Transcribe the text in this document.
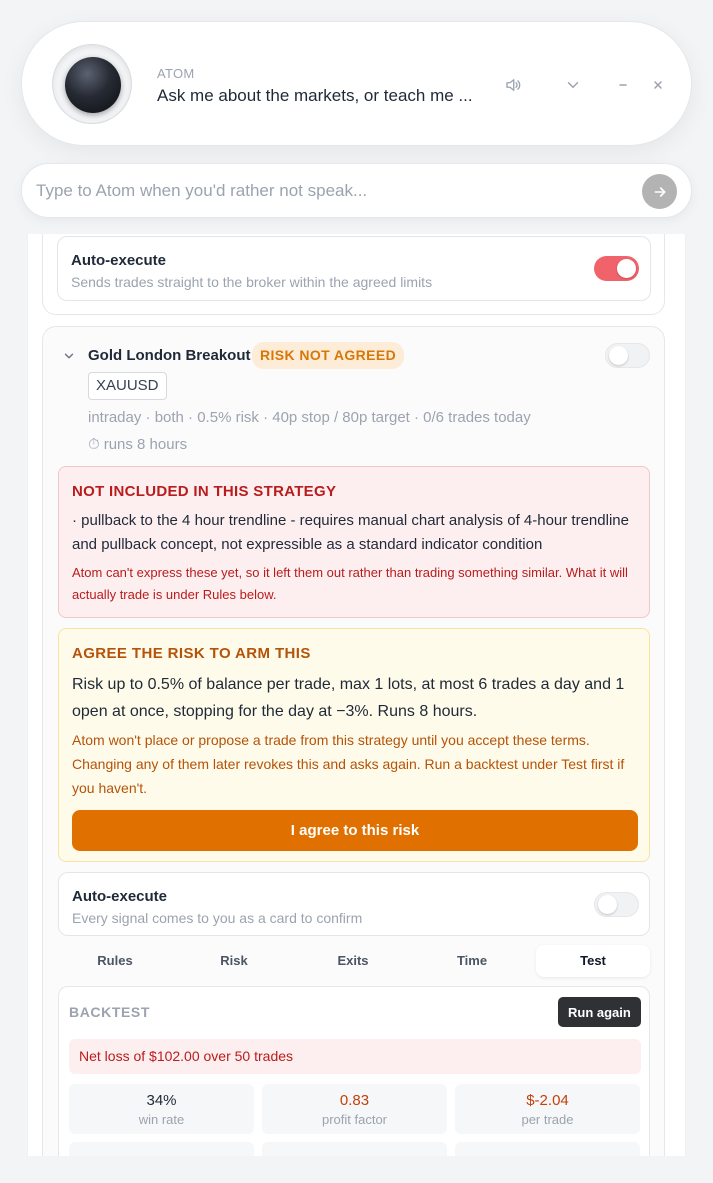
ATOM
Ask me about the markets, or teach me ...
Type to Atom when you'd rather not speak...
Auto-execute
Sends trades straight to the broker within the agreed limits
Gold London Breakout RISK NOT AGREED
XAUUSD
intraday · both · 0.5% risk · 40p stop / 80p target · 0/6 trades today
⏱ runs 8 hours
NOT INCLUDED IN THIS STRATEGY
· pullback to the 4 hour trendline - requires manual chart analysis of 4-hour trendline and pullback concept, not expressible as a standard indicator condition
Atom can't express these yet, so it left them out rather than trading something similar. What it will actually trade is under Rules below.
AGREE THE RISK TO ARM THIS
Risk up to 0.5% of balance per trade, max 1 lots, at most 6 trades a day and 1 open at once, stopping for the day at −3%. Runs 8 hours.
Atom won't place or propose a trade from this strategy until you accept these terms. Changing any of them later revokes this and asks again. Run a backtest under Test first if you haven't.
I agree to this risk
Auto-execute
Every signal comes to you as a card to confirm
Rules	Risk	Exits	Time	Test
BACKTEST	Run again
Net loss of $102.00 over 50 trades
34%
win rate
0.83
profit factor
$-2.04
per trade
